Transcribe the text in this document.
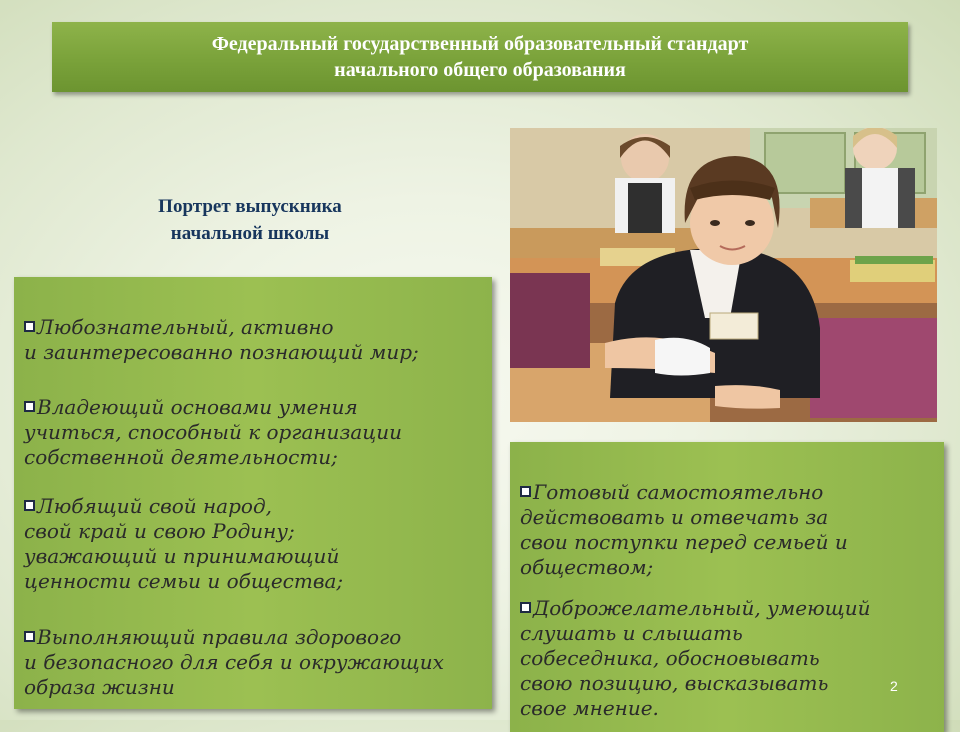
Федеральный государственный образовательный стандарт
начального общего образования
Портрет выпускника
начальной школы
Любознательный, активно
и заинтересованно познающий мир;
Владеющий основами умения
учиться, способный к организации
собственной деятельности;
Любящий свой народ,
свой край и свою Родину;
уважающий и принимающий
ценности семьи и общества;
Выполняющий правила здорового
и безопасного для себя и окружающих
образа жизни
Готовый самостоятельно
действовать и отвечать за
свои поступки перед семьей и
обществом;
Доброжелательный, умеющий
слушать и слышать
собеседника, обосновывать
свою позицию, высказывать
свое мнение.
2
